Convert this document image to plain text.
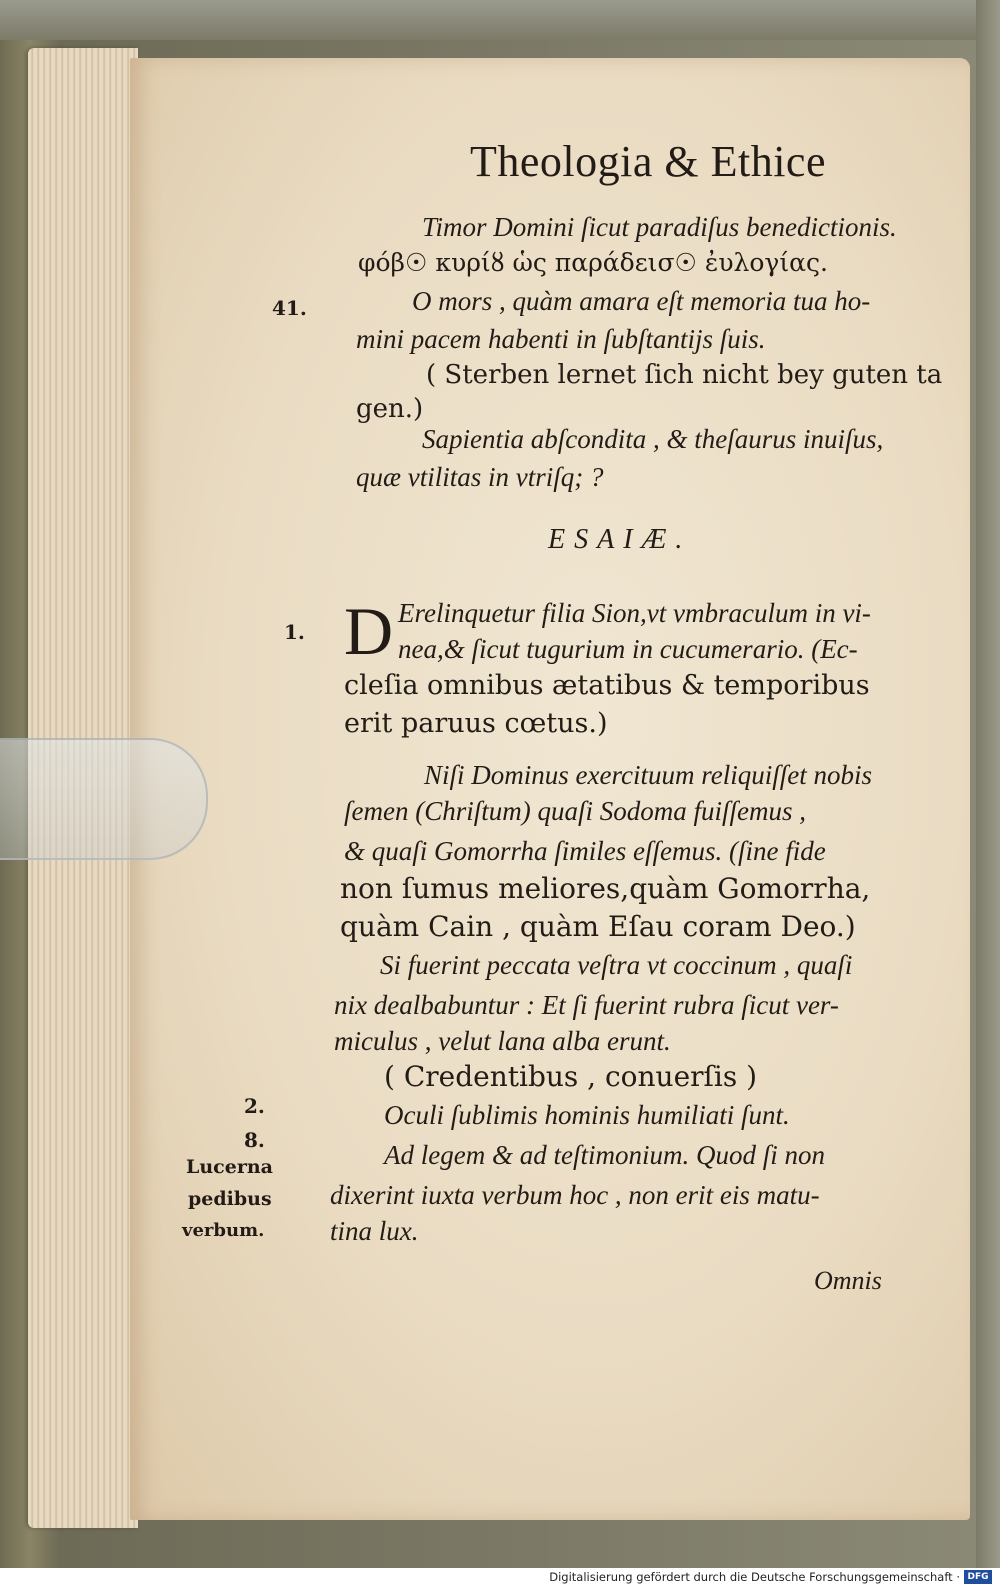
Theologia & Ethice
Timor Domini ſicut paradiſus benedictionis.
φόβ☉ κυρίȣ ὡς παράδεισ☉ ἐυλογίας.
O mors , quàm amara eſt memoria tua ho-
mini pacem habenti in ſubſtantijs ſuis.
( Sterben lernet ſich nicht bey guten ta
gen.)
Sapientia abſcondita , & theſaurus inuiſus,
quæ vtilitas in vtriſq; ?
ESAIÆ.
D Erelinquetur filia Sion,vt vmbraculum in vi-
nea,& ſicut tugurium in cucumerario. (Ec-
cleſia omnibus ætatibus & temporibus
erit paruus cœtus.)
Niſi Dominus exercituum reliquiſſet nobis
ſemen (Chriſtum) quaſi Sodoma fuiſſemus ,
& quaſi Gomorrha ſimiles eſſemus. (ſine fide
non ſumus meliores,quàm Gomorrha,
quàm Cain , quàm Eſau coram Deo.)
Si fuerint peccata veſtra vt coccinum , quaſi
nix dealbabuntur : Et ſi fuerint rubra ſicut ver-
miculus , velut lana alba erunt.
( Credentibus , conuerſis )
Oculi ſublimis hominis humiliati ſunt.
Ad legem & ad teſtimonium. Quod ſi non
dixerint iuxta verbum hoc , non erit eis matu-
tina lux.
Omnis
41.
1.
2.
8.
Lucerna
pedibus
verbum.
Digitalisierung gefördert durch die Deutsche Forschungsgemeinschaft · DFG
